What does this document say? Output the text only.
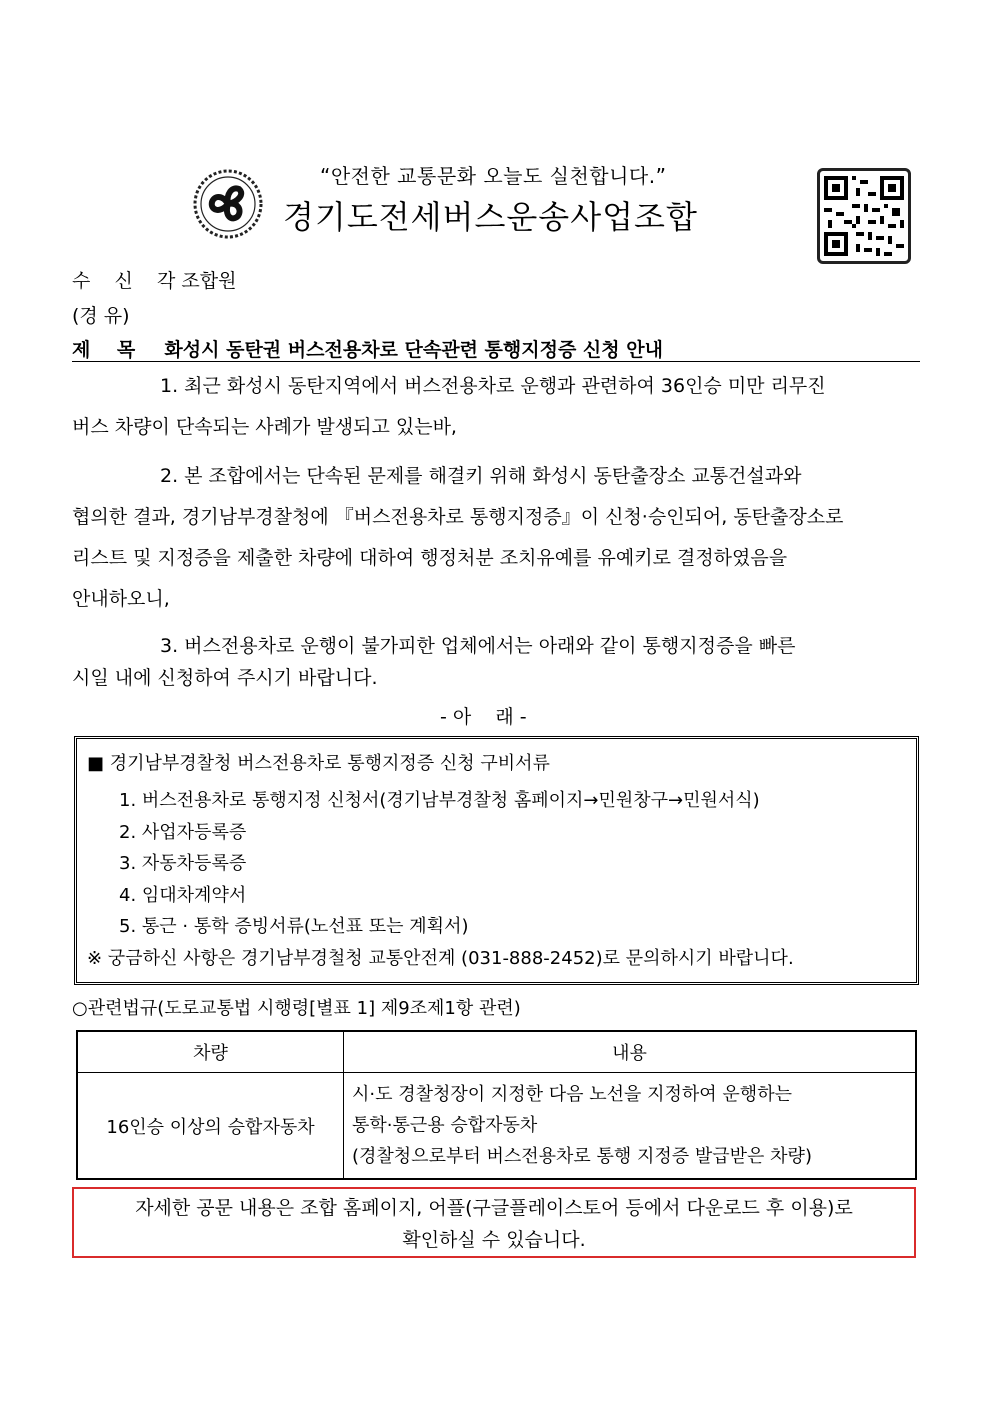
“안전한 교통문화 오늘도 실천합니다.”
경기도전세버스운송사업조합
수    신 각 조합원
(경 유)
제    목 화성시 동탄권 버스전용차로 단속관련 통행지정증 신청 안내
1. 최근 화성시 동탄지역에서 버스전용차로 운행과 관련하여 36인승 미만 리무진
버스 차량이 단속되는 사례가 발생되고 있는바,
2. 본 조합에서는 단속된 문제를 해결키 위해 화성시 동탄출장소 교통건설과와
협의한 결과, 경기남부경찰청에 『버스전용차로 통행지정증』이 신청·승인되어, 동탄출장소로
리스트 및 지정증을 제출한 차량에 대하여 행정처분 조치유예를 유예키로 결정하였음을
안내하오니,
3. 버스전용차로 운행이 불가피한 업체에서는 아래와 같이 통행지정증을 빠른
시일 내에 신청하여 주시기 바랍니다.
- 아    래 -
■ 경기남부경찰청 버스전용차로 통행지정증 신청 구비서류
1. 버스전용차로 통행지정 신청서(경기남부경찰청 홈페이지→민원창구→민원서식)
2. 사업자등록증
3. 자동차등록증
4. 임대차계약서
5. 통근 · 통학 증빙서류(노선표 또는 계획서)
※ 궁금하신 사항은 경기남부경철청 교통안전계 (031-888-2452)로 문의하시기 바랍니다.
○관련법규(도로교통법 시행령[별표 1] 제9조제1항 관련)
차량	내용
16인승 이상의 승합자동차	시·도 경찰청장이 지정한 다음 노선을 지정하여 운행하는
통학·통근용 승합자동차
(경찰청으로부터 버스전용차로 통행 지정증 발급받은 차량)
자세한 공문 내용은 조합 홈페이지, 어플(구글플레이스토어 등에서 다운로드 후 이용)로
확인하실 수 있습니다.
